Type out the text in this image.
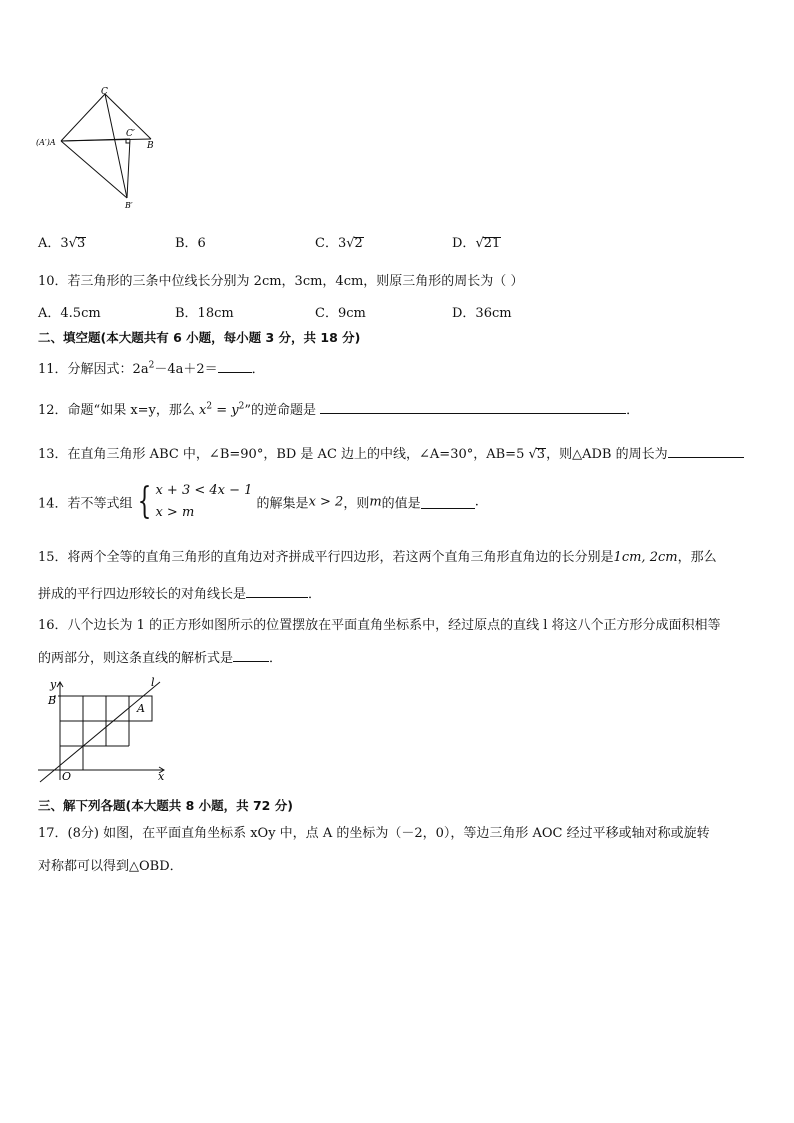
C
(A′)A
C′
B
B′
A．3√3	B．6	C．3√2	D．√21
10．若三角形的三条中位线长分别为 2cm，3cm，4cm，则原三角形的周长为（ ）
A．4.5cm	B．18cm	C．9cm	D．36cm
二、填空题(本大题共有 6 小题，每小题 3 分，共 18 分)
11．分解因式：$2a^2-4a+2=$	．
12．命题“如果 x=y，那么 $x^2 = y^2$”的逆命题是	．
13．在直角三角形 ABC 中，∠B=90°，BD 是 AC 边上的中线，∠A=30°，AB=5 √3，则△ADB 的周长为
14．若不等式组 { x + 3 < 4x − 1
x > m 的解集是x > 2，则m的值是	.
15．将两个全等的直角三角形的直角边对齐拼成平行四边形，若这两个直角三角形直角边的长分别是1cm, 2cm，那么
拼成的平行四边形较长的对角线长是	．
16．八个边长为 1 的正方形如图所示的位置摆放在平面直角坐标系中，经过原点的直线 l 将这八个正方形分成面积相等
的两部分，则这条直线的解析式是	．
y
B
A
l
O	x
三、解下列各题(本大题共 8 小题，共 72 分)
17．(8分) 如图，在平面直角坐标系 xOy 中，点 A 的坐标为（－2，0），等边三角形 AOC 经过平移或轴对称或旋转
对称都可以得到△OBD．
